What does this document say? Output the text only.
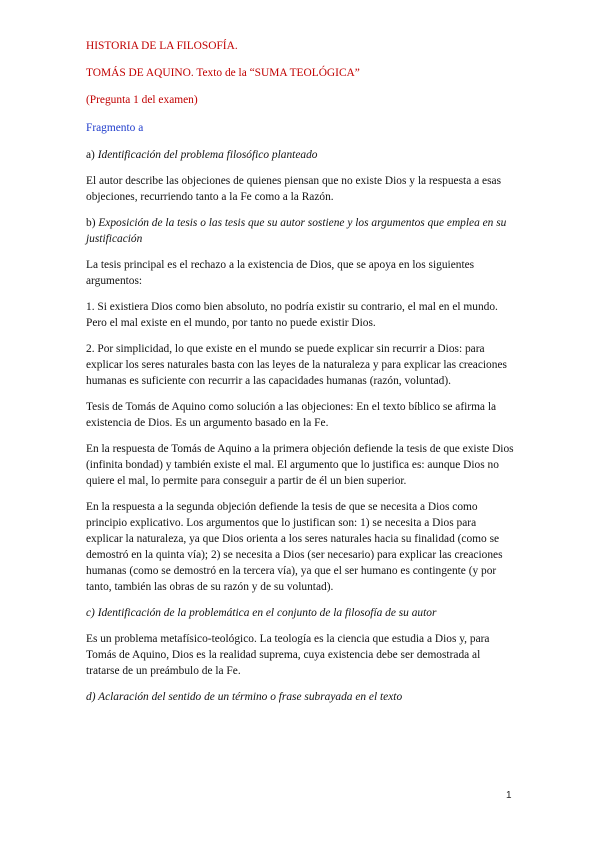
HISTORIA DE LA FILOSOFÍA.

TOMÁS DE AQUINO. Texto de la “SUMA TEOLÓGICA”

(Pregunta 1 del examen)

Fragmento a

a) Identificación del problema filosófico planteado

El autor describe las objeciones de quienes piensan que no existe Dios y la respuesta a esas objeciones, recurriendo tanto a la Fe como a la Razón.

b) Exposición de la tesis o las tesis que su autor sostiene y los argumentos que emplea en su justificación

La tesis principal es el rechazo a la existencia de Dios, que se apoya en los siguientes argumentos:

1. Si existiera Dios como bien absoluto, no podría existir su contrario, el mal en el mundo. Pero el mal existe en el mundo, por tanto no puede existir Dios.

2. Por simplicidad, lo que existe en el mundo se puede explicar sin recurrir a Dios: para explicar los seres naturales basta con las leyes de la naturaleza y para explicar las creaciones humanas es suficiente con recurrir a las capacidades humanas (razón, voluntad).

Tesis de Tomás de Aquino como solución a las objeciones: En el texto bíblico se afirma la existencia de Dios. Es un argumento basado en la Fe.

En la respuesta de Tomás de Aquino a la primera objeción defiende la tesis de que existe Dios (infinita bondad) y también existe el mal. El argumento que lo justifica es: aunque Dios no quiere el mal, lo permite para conseguir a partir de él un bien superior.

En la respuesta a la segunda objeción defiende la tesis de que se necesita a Dios como principio explicativo. Los argumentos que lo justifican son: 1) se necesita a Dios para explicar la naturaleza, ya que Dios orienta a los seres naturales hacia su finalidad (como se demostró en la quinta vía); 2) se necesita a Dios (ser necesario) para explicar las creaciones humanas (como se demostró en la tercera vía), ya que el ser humano es contingente (y por tanto, también las obras de su razón y de su voluntad).

c) Identificación de la problemática en el conjunto de la filosofía de su autor

Es un problema metafísico-teológico. La teología es la ciencia que estudia a Dios y, para Tomás de Aquino, Dios es la realidad suprema, cuya existencia debe ser demostrada al tratarse de un preámbulo de la Fe.

d) Aclaración del sentido de un término o frase subrayada en el texto

1
